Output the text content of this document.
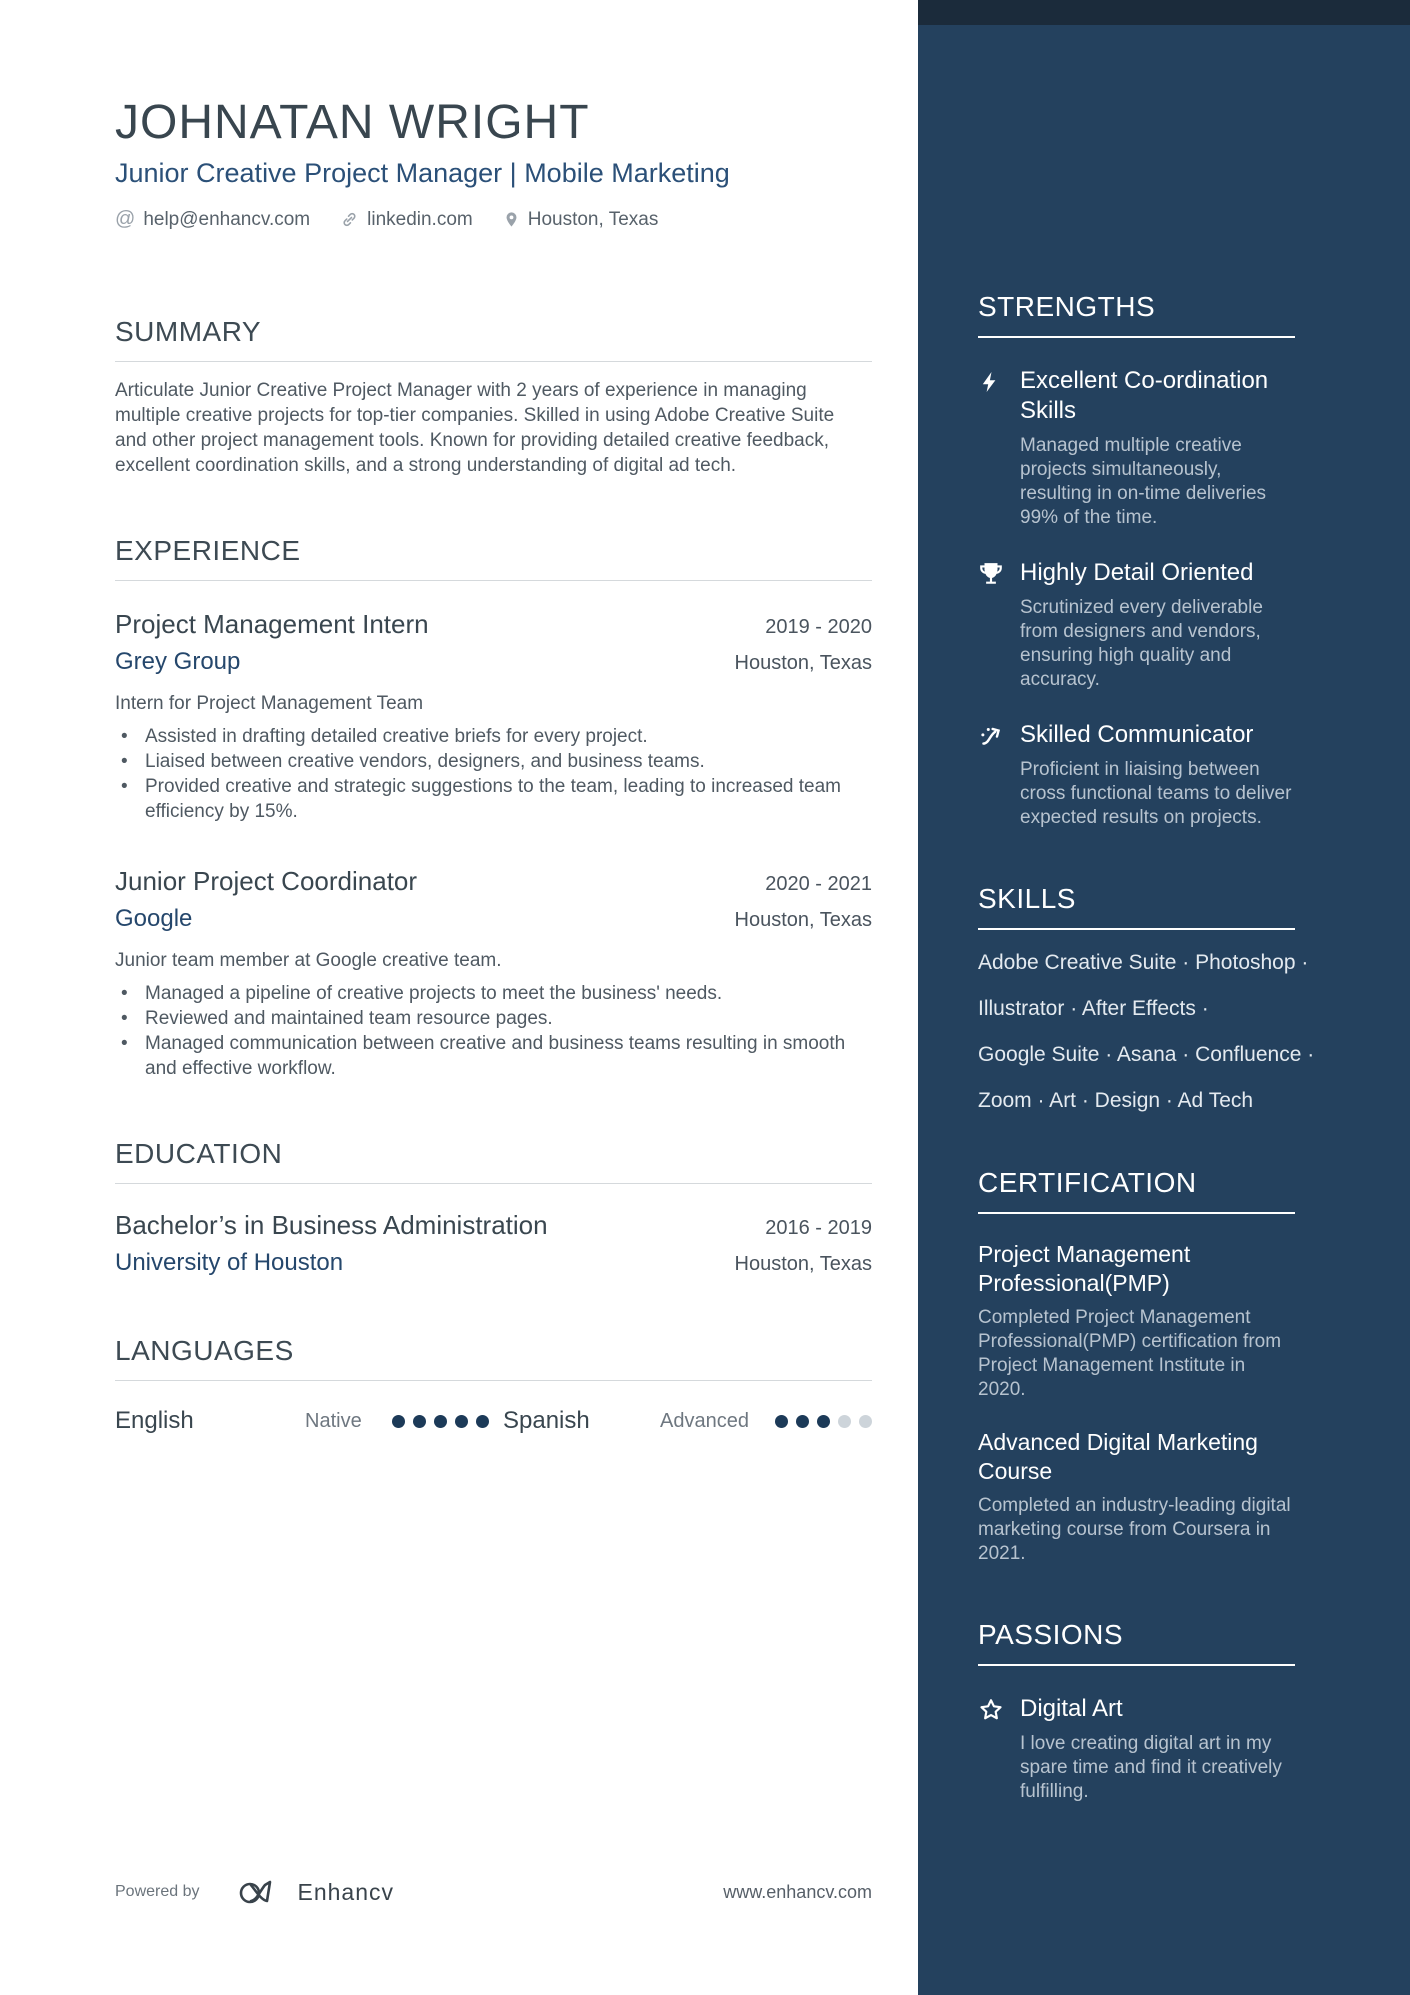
JOHNATAN WRIGHT
Junior Creative Project Manager | Mobile Marketing
@ help@enhancv.com	linkedin.com	Houston, Texas
SUMMARY

Articulate Junior Creative Project Manager with 2 years of experience in managing multiple creative projects for top-tier companies. Skilled in using Adobe Creative Suite and other project management tools. Known for providing detailed creative feedback, excellent coordination skills, and a strong understanding of digital ad tech.

EXPERIENCE
Project Management Intern	2019 - 2020
Grey Group	Houston, Texas
Intern for Project Management Team
• Assisted in drafting detailed creative briefs for every project.
• Liaised between creative vendors, designers, and business teams.
• Provided creative and strategic suggestions to the team, leading to increased team efficiency by 15%.
Junior Project Coordinator	2020 - 2021
Google	Houston, Texas
Junior team member at Google creative team.
• Managed a pipeline of creative projects to meet the business' needs.
• Reviewed and maintained team resource pages.
• Managed communication between creative and business teams resulting in smooth and effective workflow.
EDUCATION
Bachelor’s in Business Administration	2016 - 2019
University of Houston	Houston, Texas
LANGUAGES
English	Native	Spanish	Advanced
STRENGTHS
Excellent Co-ordination Skills
Managed multiple creative projects simultaneously, resulting in on-time deliveries 99% of the time.
Highly Detail Oriented
Scrutinized every deliverable from designers and vendors, ensuring high quality and accuracy.
Skilled Communicator
Proficient in liaising between cross functional teams to deliver expected results on projects.
SKILLS
Adobe Creative Suite · Photoshop ·
Illustrator · After Effects ·
Google Suite · Asana · Confluence ·
Zoom · Art · Design · Ad Tech
CERTIFICATION
Project Management Professional(PMP)
Completed Project Management Professional(PMP) certification from Project Management Institute in 2020.
Advanced Digital Marketing Course
Completed an industry-leading digital marketing course from Coursera in 2021.
PASSIONS
Digital Art
I love creating digital art in my spare time and find it creatively fulfilling.
Powered by	Enhancv	www.enhancv.com
